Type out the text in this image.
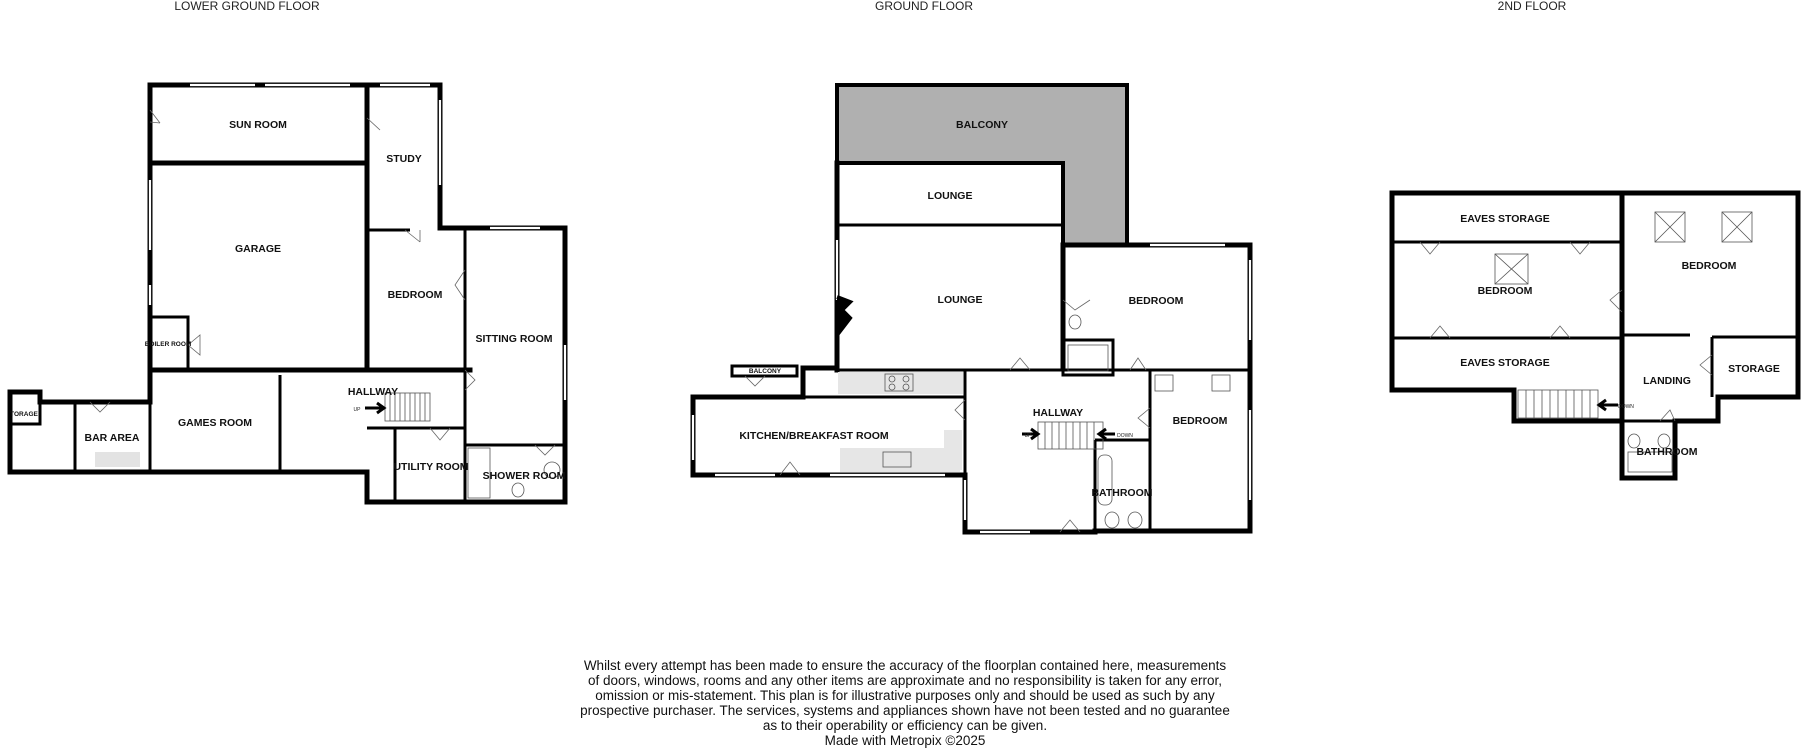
LOWER GROUND FLOOR	GROUND FLOOR	2ND FLOOR
UP
SUN ROOM
STUDY
GARAGE
BEDROOM
SITTING ROOM
BOILER ROOM
HALLWAY
TORAGE
BAR AREA
GAMES ROOM
UTILITY ROOM
SHOWER ROOM
UP	DOWN
BALCONY
LOUNGE
LOUNGE	BEDROOM
BALCONY
KITCHEN/BREAKFAST ROOM
HALLWAY
BEDROOM
BATHROOM
DOWN
EAVES STORAGE
BEDROOM
BEDROOM
EAVES STORAGE
LANDING
STORAGE
BATHROOM
Whilst every attempt has been made to ensure the accuracy of the floorplan contained here, measurements
of doors, windows, rooms and any other items are approximate and no responsibility is taken for any error,
omission or mis-statement. This plan is for illustrative purposes only and should be used as such by any
prospective purchaser. The services, systems and appliances shown have not been tested and no guarantee
as to their operability or efficiency can be given.
Made with Metropix ©2025
